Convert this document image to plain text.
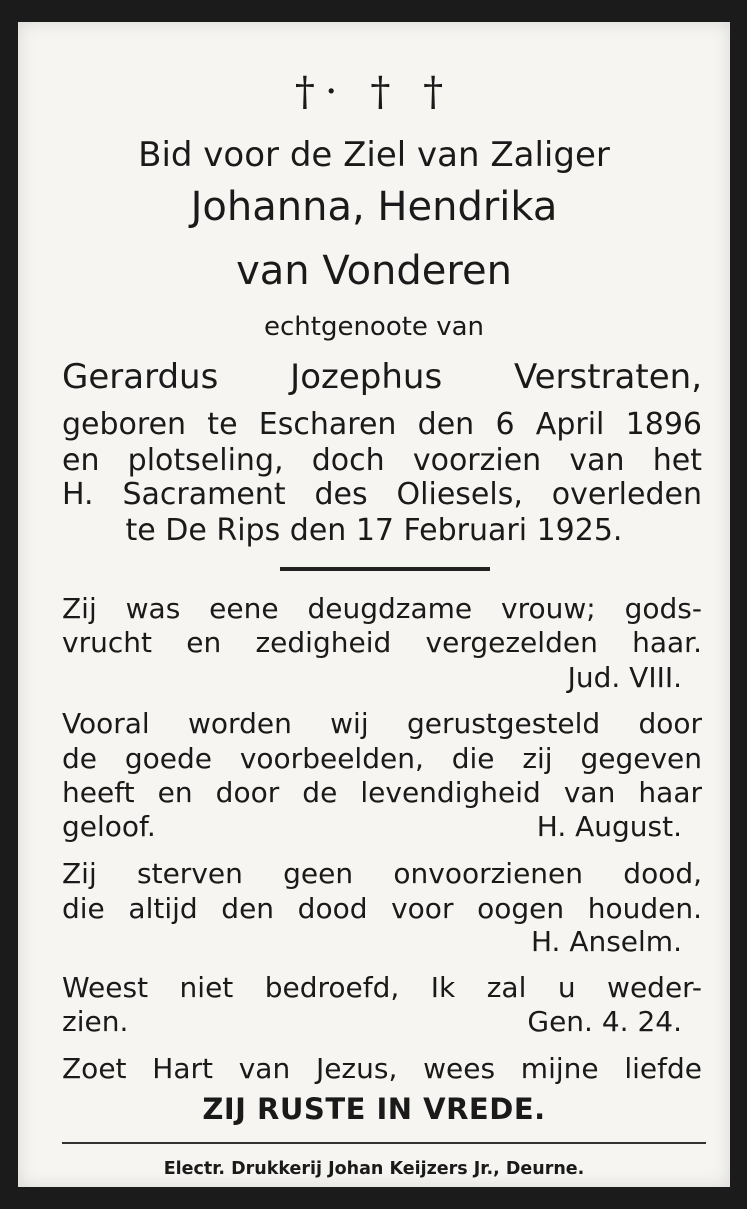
†· † †
Bid voor de Ziel van Zaliger
Johanna, Hendrika
van Vonderen
echtgenoote van
Gerardus Jozephus Verstraten,
geboren te Escharen den 6 April 1896
en plotseling, doch voorzien van het
H. Sacrament des Oliesels, overleden
te De Rips den 17 Februari 1925.
Zij was eene deugdzame vrouw; gods-
vrucht en zedigheid vergezelden haar.
Jud. VIII.
Vooral worden wij gerustgesteld door
de goede voorbeelden, die zij gegeven
heeft en door de levendigheid van haar
geloof.	H. August.
Zij sterven geen onvoorzienen dood,
die altijd den dood voor oogen houden.
H. Anselm.
Weest niet bedroefd, Ik zal u weder-
zien.	Gen. 4. 24.
Zoet Hart van Jezus, wees mijne liefde
ZIJ RUSTE IN VREDE.
Electr. Drukkerij Johan Keijzers Jr., Deurne.
